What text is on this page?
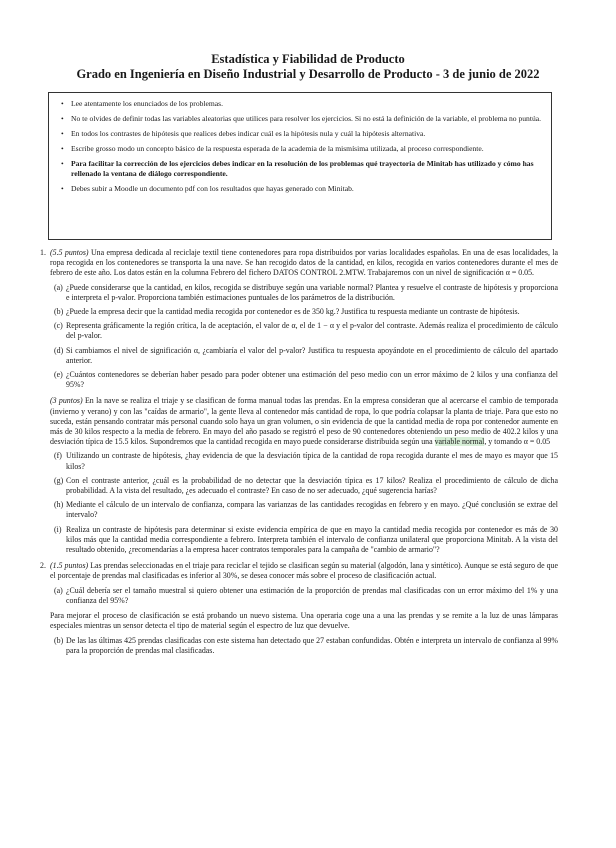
Estadística y Fiabilidad de Producto
Grado en Ingeniería en Diseño Industrial y Desarrollo de Producto - 3 de junio de 2022
• Lee atentamente los enunciados de los problemas.
• No te olvides de definir todas las variables aleatorias que utilices para resolver los ejercicios. Si no está la definición de la variable, el problema no puntúa.
• En todos los contrastes de hipótesis que realices debes indicar cuál es la hipótesis nula y cuál la hipótesis alternativa.
• Escribe grosso modo un concepto básico de la respuesta esperada de la academia de la mismísima utilizada, al proceso correspondiente.
• Para facilitar la corrección de los ejercicios debes indicar en la resolución de los problemas qué trayectoria de Minitab has utilizado y cómo has rellenado la ventana de diálogo correspondiente.
• Debes subir a Moodle un documento pdf con los resultados que hayas generado con Minitab.
1. (5.5 puntos) Una empresa dedicada al reciclaje textil tiene contenedores para ropa distribuidos por varias localidades españolas. En una de esas localidades, la ropa recogida en los contenedores se transporta la una nave. Se han recogido datos de la cantidad, en kilos, recogida en varios contenedores durante el mes de febrero de este año. Los datos están en la columna Febrero del fichero DATOS CONTROL 2.MTW. Trabajaremos con un nivel de significación α = 0.05.
(a) ¿Puede considerarse que la cantidad, en kilos, recogida se distribuye según una variable normal? Plantea y resuelve el contraste de hipótesis y proporciona e interpreta el p-valor. Proporciona también estimaciones puntuales de los parámetros de la distribución.
(b) ¿Puede la empresa decir que la cantidad media recogida por contenedor es de 350 kg.? Justifica tu respuesta mediante un contraste de hipótesis.
(c) Representa gráficamente la región crítica, la de aceptación, el valor de α, el de 1 − α y el p-valor del contraste. Además realiza el procedimiento de cálculo del p-valor.
(d) Si cambiamos el nivel de significación α, ¿cambiaría el valor del p-valor? Justifica tu respuesta apoyándote en el procedimiento de cálculo del apartado anterior.
(e) ¿Cuántos contenedores se deberían haber pesado para poder obtener una estimación del peso medio con un error máximo de 2 kilos y una confianza del 95%?
(3 puntos) En la nave se realiza el triaje y se clasifican de forma manual todas las prendas. En la empresa consideran que al acercarse el cambio de temporada (invierno y verano) y con las "caídas de armario", la gente lleva al contenedor más cantidad de ropa, lo que podría colapsar la planta de triaje. Para que esto no suceda, están pensando contratar más personal cuando solo haya un gran volumen, o sin evidencia de que la cantidad media de ropa por contenedor aumente en más de 30 kilos respecto a la media de febrero. En mayo del año pasado se registró el peso de 90 contenedores obteniendo un peso medio de 402.2 kilos y una desviación típica de 15.5 kilos. Supondremos que la cantidad recogida en mayo puede considerarse distribuida según una variable normal, y tomando α = 0.05
(f) Utilizando un contraste de hipótesis, ¿hay evidencia de que la desviación típica de la cantidad de ropa recogida durante el mes de mayo es mayor que 15 kilos?
(g) Con el contraste anterior, ¿cuál es la probabilidad de no detectar que la desviación típica es 17 kilos? Realiza el procedimiento de cálculo de dicha probabilidad. A la vista del resultado, ¿es adecuado el contraste? En caso de no ser adecuado, ¿qué sugerencia harías?
(h) Mediante el cálculo de un intervalo de confianza, compara las varianzas de las cantidades recogidas en febrero y en mayo. ¿Qué conclusión se extrae del intervalo?
(i) Realiza un contraste de hipótesis para determinar si existe evidencia empírica de que en mayo la cantidad media recogida por contenedor es más de 30 kilos más que la cantidad media correspondiente a febrero. Interpreta también el intervalo de confianza unilateral que proporciona Minitab. A la vista del resultado obtenido, ¿recomendarías a la empresa hacer contratos temporales para la campaña de "cambio de armario"?
2. (1.5 puntos) Las prendas seleccionadas en el triaje para reciclar el tejido se clasifican según su material (algodón, lana y sintético). Aunque se está seguro de que el porcentaje de prendas mal clasificadas es inferior al 30%, se desea conocer más sobre el proceso de clasificación actual.
(a) ¿Cuál debería ser el tamaño muestral si quiero obtener una estimación de la proporción de prendas mal clasificadas con un error máximo del 1% y una confianza del 95%?
Para mejorar el proceso de clasificación se está probando un nuevo sistema. Una operaria coge una a una las prendas y se remite a la luz de unas lámparas especiales mientras un sensor detecta el tipo de material según el espectro de luz que devuelve.
(b) De las las últimas 425 prendas clasificadas con este sistema han detectado que 27 estaban confundidas. Obtén e interpreta un intervalo de confianza al 99% para la proporción de prendas mal clasificadas.
